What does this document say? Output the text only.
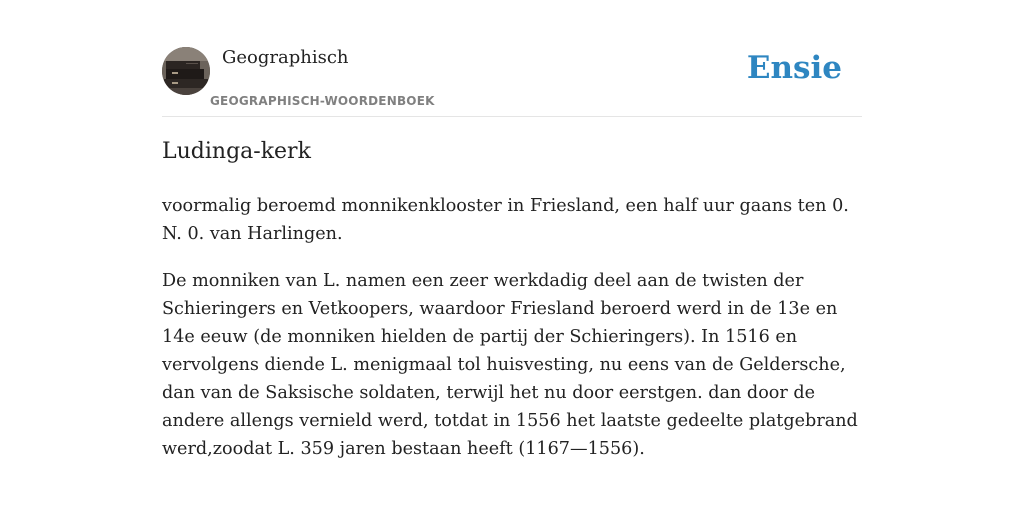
Geographisch
GEOGRAPHISCH-WOORDENBOEK
Ensie
Ludinga-kerk

voormalig beroemd monnikenklooster in Friesland, een half uur gaans ten 0. N. 0. van Harlingen.

De monniken van L. namen een zeer werkdadig deel aan de twisten der Schieringers en Vetkoopers, waardoor Friesland beroerd werd in de 13e en 14e eeuw (de monniken hielden de partij der Schieringers). In 1516 en vervolgens diende L. menigmaal tol huisvesting, nu eens van de Geldersche, dan van de Saksische soldaten, terwijl het nu door eerstgen. dan door de andere allengs vernield werd, totdat in 1556 het laatste gedeelte platgebrand werd,zoodat L. 359 jaren bestaan heeft (1167—1556).
